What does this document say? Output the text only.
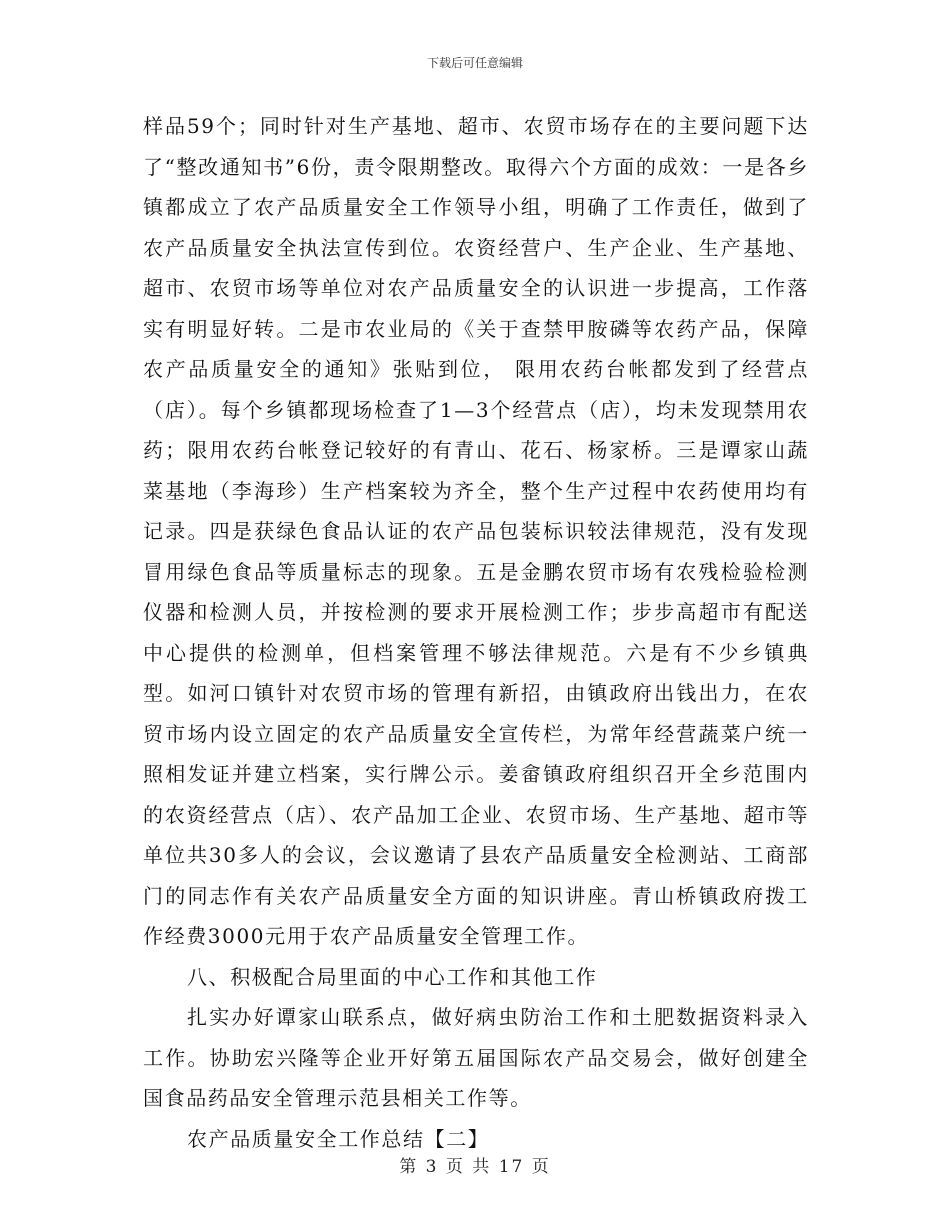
下载后可任意编辑

样品59个；同时针对生产基地、超市、农贸市场存在的主要问题下达了“整改通知书”6份，责令限期整改。取得六个方面的成效：一是各乡镇都成立了农产品质量安全工作领导小组，明确了工作责任，做到了农产品质量安全执法宣传到位。农资经营户、生产企业、生产基地、超市、农贸市场等单位对农产品质量安全的认识进一步提高，工作落实有明显好转。二是市农业局的《关于查禁甲胺磷等农药产品，保障农产品质量安全的通知》张贴到位， 限用农药台帐都发到了经营点（店）。每个乡镇都现场检查了1—3个经营点（店），均未发现禁用农药；限用农药台帐登记较好的有青山、花石、杨家桥。三是谭家山蔬菜基地（李海珍）生产档案较为齐全，整个生产过程中农药使用均有记录。四是获绿色食品认证的农产品包装标识较法律规范，没有发现冒用绿色食品等质量标志的现象。五是金鹏农贸市场有农残检验检测仪器和检测人员，并按检测的要求开展检测工作；步步高超市有配送中心提供的检测单，但档案管理不够法律规范。六是有不少乡镇典型。如河口镇针对农贸市场的管理有新招，由镇政府出钱出力，在农贸市场内设立固定的农产品质量安全宣传栏，为常年经营蔬菜户统一照相发证并建立档案，实行牌公示。姜畲镇政府组织召开全乡范围内的农资经营点（店）、农产品加工企业、农贸市场、生产基地、超市等单位共30多人的会议，会议邀请了县农产品质量安全检测站、工商部门的同志作有关农产品质量安全方面的知识讲座。青山桥镇政府拨工作经费3000元用于农产品质量安全管理工作。

八、积极配合局里面的中心工作和其他工作

扎实办好谭家山联系点，做好病虫防治工作和土肥数据资料录入工作。协助宏兴隆等企业开好第五届国际农产品交易会，做好创建全国食品药品安全管理示范县相关工作等。

农产品质量安全工作总结【二】

第 3 页 共 17 页
